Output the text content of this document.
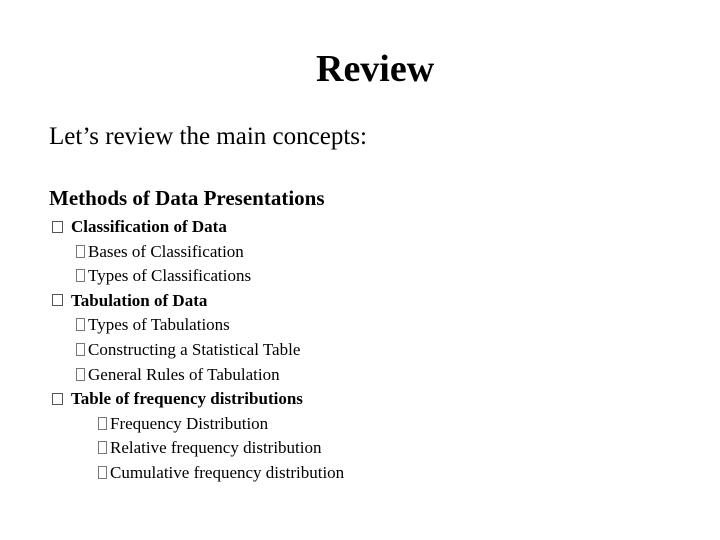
Review
Let’s review the main concepts:
Methods of Data Presentations
Classification of Data
Bases of Classification
Types of Classifications
Tabulation of Data
Types of Tabulations
Constructing a Statistical Table
General Rules of Tabulation
Table of frequency distributions
Frequency Distribution
Relative frequency distribution
Cumulative frequency distribution
